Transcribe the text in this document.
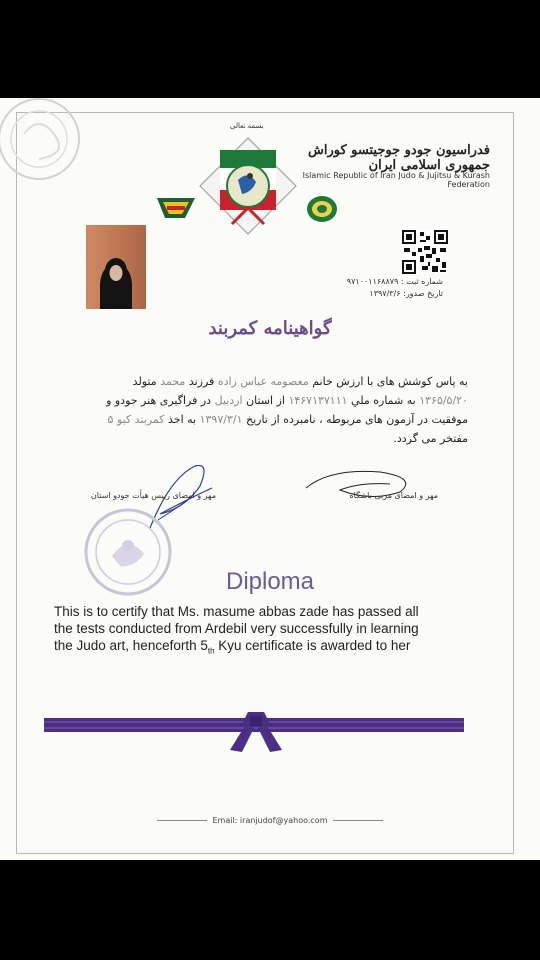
بسمه تعالی
فدراسیون جودو جوجیتسو کوراش جمهوری اسلامی ایران
Islamic Republic of Iran Judo & Jujitsu & Kurash Federation
شماره ثبت : ۹۷۱۰۰۱۱۶۸۸۷۹
تاریخ صدور: ۱۳۹۷/۳/۶
گواهینامه کمربند
به پاس کوشش های با ارزش خانم معصومه عباس زاده فرزند محمد متولد
۱۳۶۵/۵/۲۰ به شماره ملي ۱۴۶۷۱۳۷۱۱۱ از استان اردبیل در فراگیری هنر جودو و
موفقیت در آزمون های مربوطه ، نامبرده از تاریخ ۱۳۹۷/۳/۱ به اخذ کمربند کیو ۵
مفتخر می گردد.
مهر و امضای رییس هیأت جودو استان	مهر و امضای مربی باشگاه
Diploma
This is to certify that Ms. masume abbas zade has passed all
the tests conducted from Ardebil very successfully in learning
the Judo art, henceforth $5_{th}$ Kyu certificate is awarded to her
Email: iranjudof@yahoo.com
